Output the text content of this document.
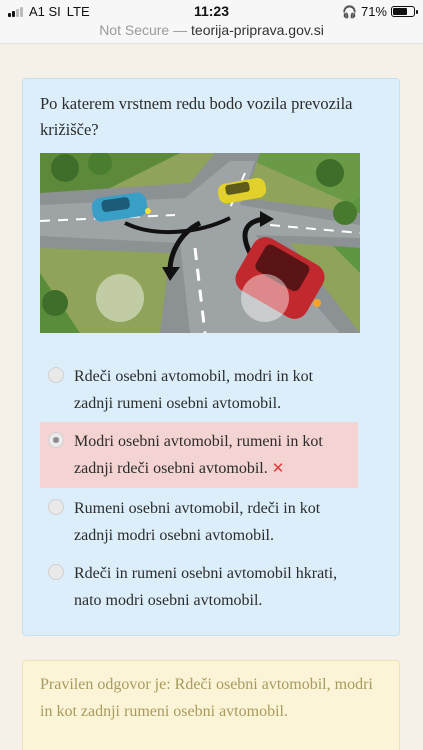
A1 SI LTE	11:23	🎧 71%
Not Secure — teorija-priprava.gov.si
Po katerem vrstnem redu bodo vozila prevozila križišče?
Rdeči osebni avtomobil, modri in kot zadnji rumeni osebni avtomobil.
Modri osebni avtomobil, rumeni in kot zadnji rdeči osebni avtomobil. ✕
Rumeni osebni avtomobil, rdeči in kot zadnji modri osebni avtomobil.
Rdeči in rumeni osebni avtomobil hkrati, nato modri osebni avtomobil.
Pravilen odgovor je: Rdeči osebni avtomobil, modri in kot zadnji rumeni osebni avtomobil.
